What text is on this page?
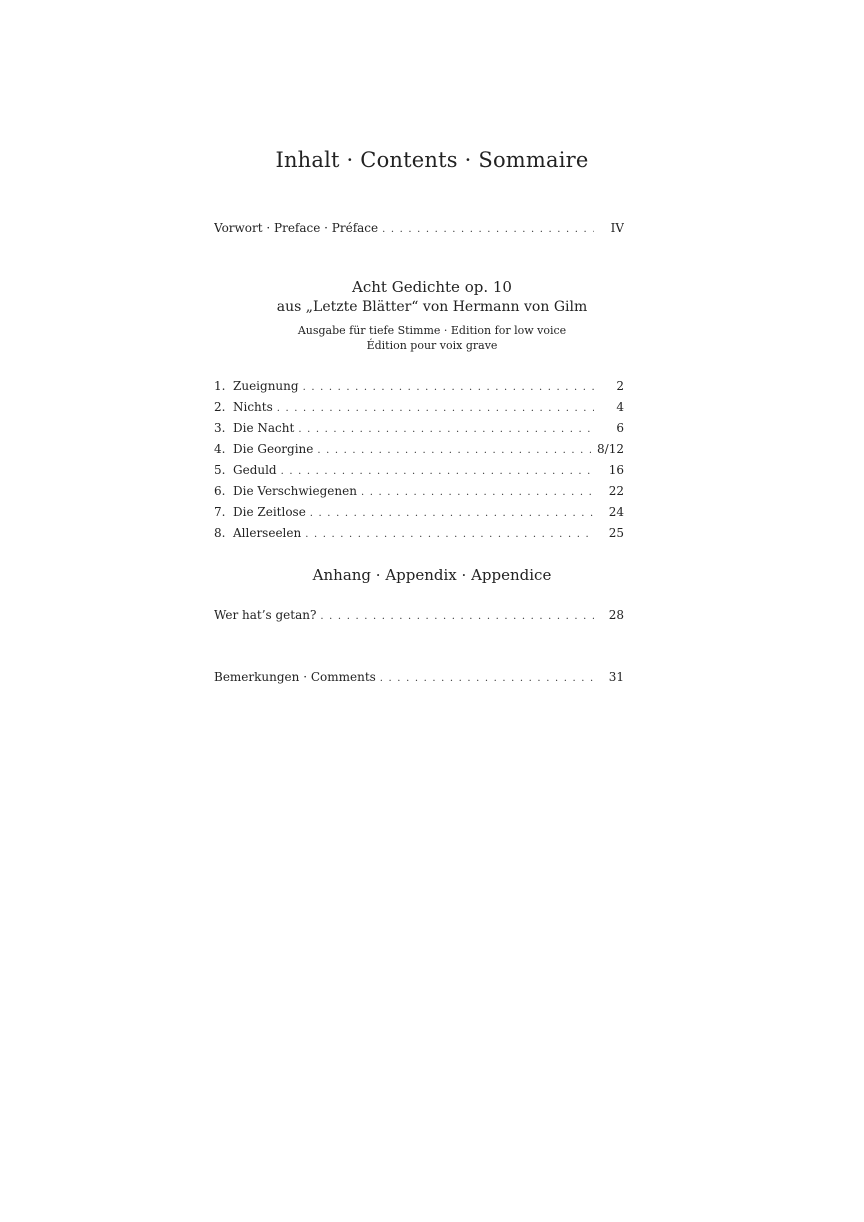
Inhalt · Contents · Sommaire
Vorwort · Preface · Préface . . .	IV
Acht Gedichte op. 10
aus „Letzte Blätter“ von Hermann von Gilm
Ausgabe für tiefe Stimme · Edition for low voice
Édition pour voix grave
1. Zueignung . . .	2
2. Nichts . . .	4
3. Die Nacht . . .	6
4. Die Georgine . . .	8/12
5. Geduld . . .	16
6. Die Verschwiegenen . . .	22
7. Die Zeitlose . . .	24
8. Allerseelen . . .	25
Anhang · Appendix · Appendice
Wer hat’s getan? . . .	28
Bemerkungen · Comments . . .	31
